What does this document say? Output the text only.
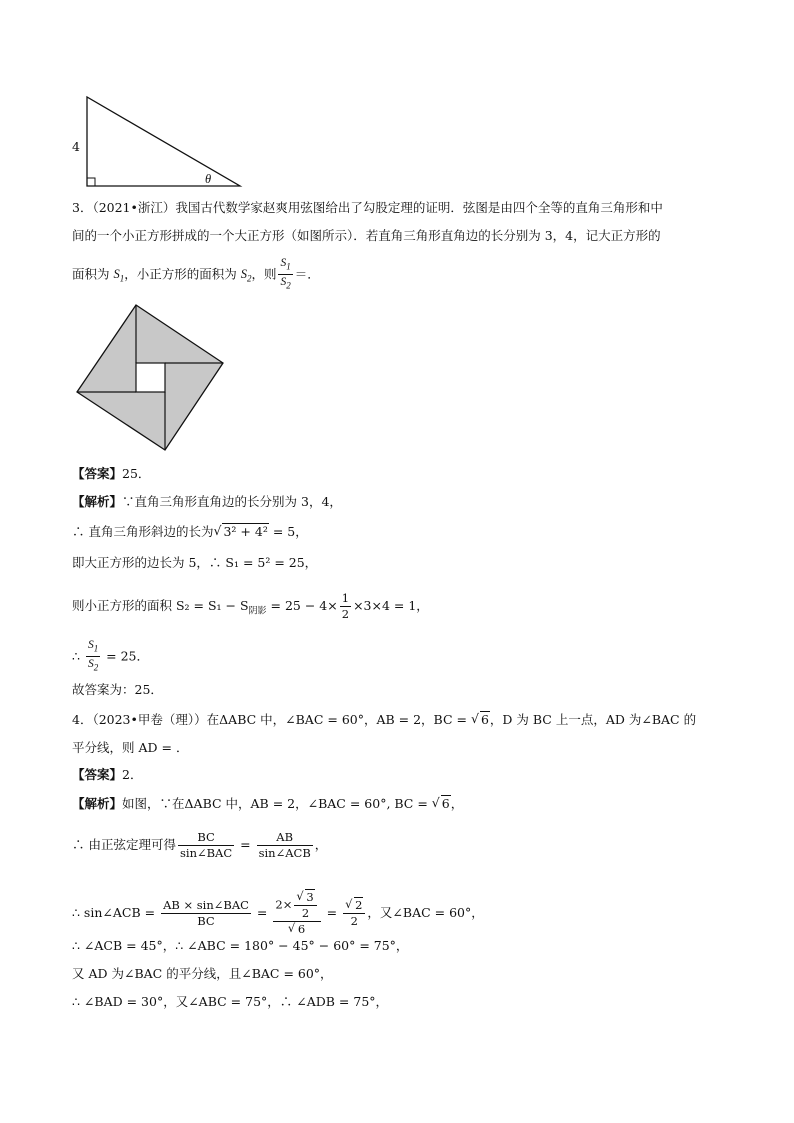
4
θ
3．（2021•浙江）我国古代数学家赵爽用弦图给出了勾股定理的证明．弦图是由四个全等的直角三角形和中
间的一个小正方形拼成的一个大正方形（如图所示）．若直角三角形直角边的长分别为 3，4，记大正方形的
面积为 $S_1$，小正方形的面积为 $S_2$，则 $\frac{S_1}{S_2}$ ＝．
【答案】25．
【解析】∵直角三角形直角边的长分别为 3，4，
∴ 直角三角形斜边的长为 √ 3² + 4² = 5，
即大正方形的边长为 5，∴ S₁ = 5² = 25，
则小正方形的面积 $S_2 = S_1 - S_{阴影} = 25 - 4\times \frac{1}{2} \times 3\times 4 = 1$，
∴ $\frac{S_1}{S_2} = 25$．
故答案为：25．
4．（2023•甲卷（理））在ΔABC 中，∠BAC = 60°，AB = 2，BC = √ 6，D 为 BC 上一点，AD 为∠BAC 的
平分线，则 AD = ．
【答案】2．
【解析】如图，∵在ΔABC 中，AB = 2，∠BAC = 60°, BC = √ 6，
∴ 由正弦定理可得 $\frac{BC}{\text{sin∠BAC}} = \frac{AB}{\text{sin∠ACB}}$ ，
∴ sin∠ACB = $\frac{\text{AB × sin∠BAC}}{BC} = 2\times$ √ $\frac{3}{2}$
√ 6 = √ $\frac{2}{2}$ ，又∠BAC = 60°，
∴ ∠ACB = 45°，∴ ∠ABC = 180° − 45° − 60° = 75°，
又 AD 为∠BAC 的平分线，且∠BAC = 60°，
∴ ∠BAD = 30°，又∠ABC = 75°，∴ ∠ADB = 75°，
